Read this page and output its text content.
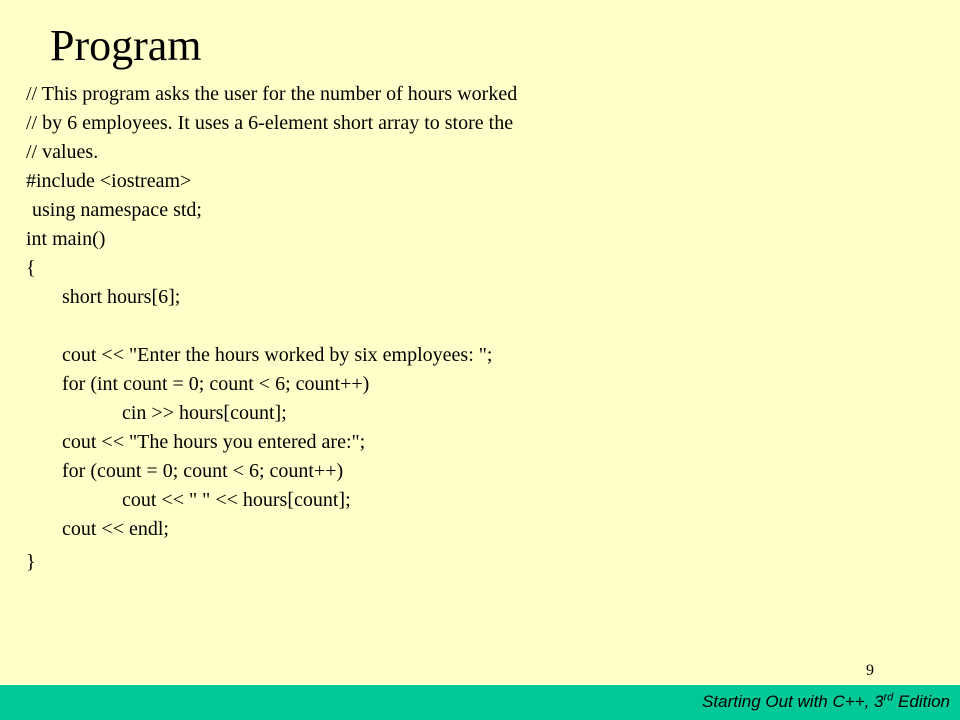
Program
// This program asks the user for the number of hours worked
// by 6 employees. It uses a 6-element short array to store the
// values.
#include <iostream>
using namespace std;
int main()
{
short hours[6];
cout << "Enter the hours worked by six employees: ";
for (int count = 0; count < 6; count++)
cin >> hours[count];
cout << "The hours you entered are:";
for (count = 0; count < 6; count++)
cout << " " << hours[count];
cout << endl;
}
9
Starting Out with C++, 3rd Edition
